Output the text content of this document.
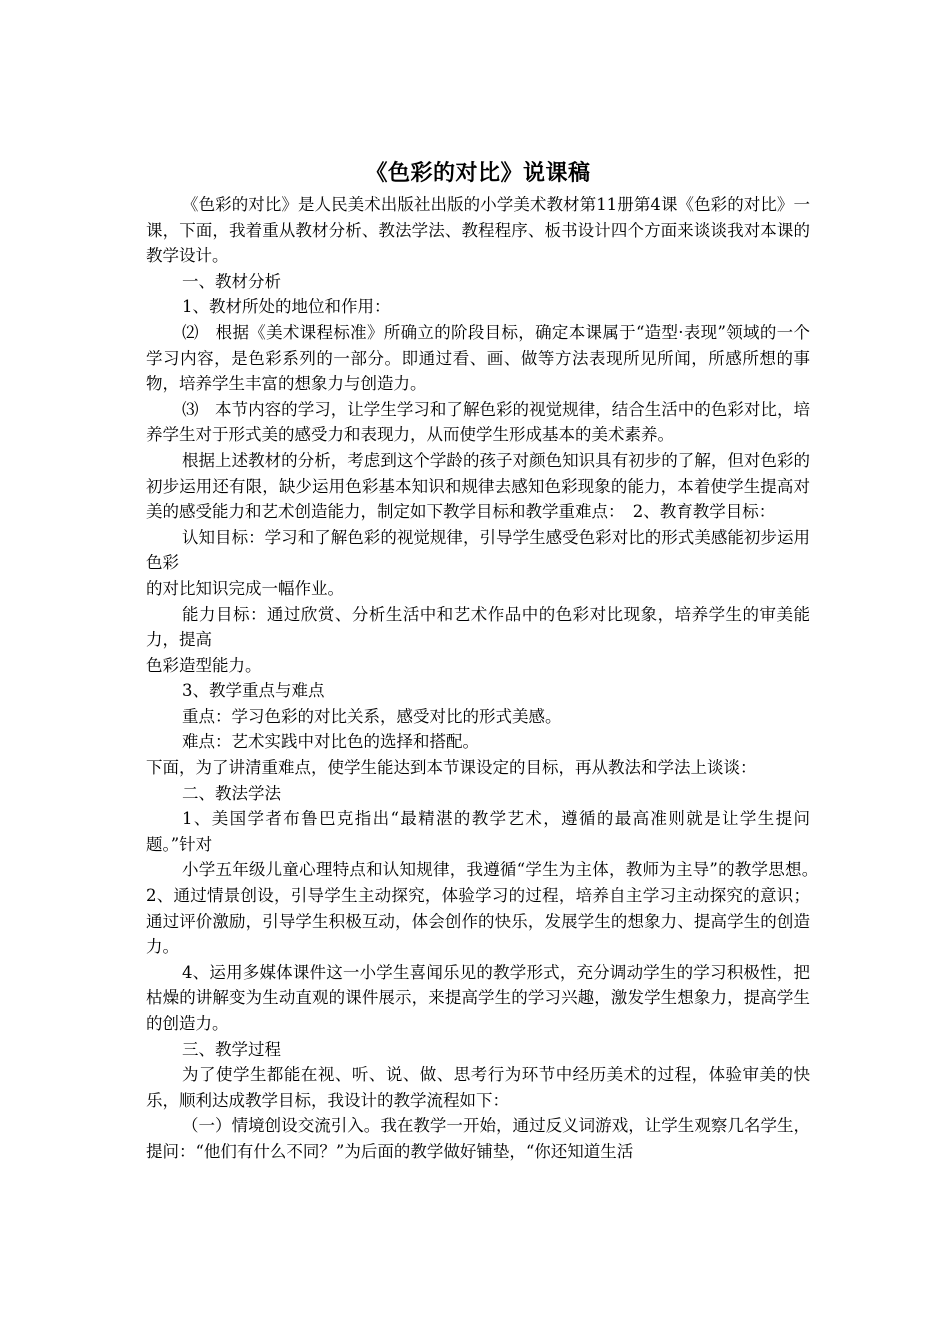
《色彩的对比》说课稿

《色彩的对比》是人民美术出版社出版的小学美术教材第11册第4课《色彩的对比》一课，下面，我着重从教材分析、教法学法、教程程序、板书设计四个方面来谈谈我对本课的教学设计。

一、教材分析

1、教材所处的地位和作用：

⑵　根据《美术课程标准》所确立的阶段目标，确定本课属于“造型·表现”领域的一个学习内容，是色彩系列的一部分。即通过看、画、做等方法表现所见所闻，所感所想的事物，培养学生丰富的想象力与创造力。

⑶　本节内容的学习，让学生学习和了解色彩的视觉规律，结合生活中的色彩对比，培养学生对于形式美的感受力和表现力，从而使学生形成基本的美术素养。

根据上述教材的分析，考虑到这个学龄的孩子对颜色知识具有初步的了解，但对色彩的初步运用还有限，缺少运用色彩基本知识和规律去感知色彩现象的能力，本着使学生提高对美的感受能力和艺术创造能力，制定如下教学目标和教学重难点：　2、教育教学目标：

认知目标：学习和了解色彩的视觉规律，引导学生感受色彩对比的形式美感能初步运用色彩

的对比知识完成一幅作业。

能力目标：通过欣赏、分析生活中和艺术作品中的色彩对比现象，培养学生的审美能力，提高

色彩造型能力。

3、教学重点与难点

重点：学习色彩的对比关系，感受对比的形式美感。

难点：艺术实践中对比色的选择和搭配。

下面，为了讲清重难点，使学生能达到本节课设定的目标，再从教法和学法上谈谈：

二、教法学法

1、美国学者布鲁巴克指出“最精湛的教学艺术，遵循的最高准则就是让学生提问题。”针对

小学五年级儿童心理特点和认知规律，我遵循“学生为主体，教师为主导”的教学思想。　2、通过情景创设，引导学生主动探究，体验学习的过程，培养自主学习主动探究的意识；通过评价激励，引导学生积极互动，体会创作的快乐，发展学生的想象力、提高学生的创造力。

4、运用多媒体课件这一小学生喜闻乐见的教学形式，充分调动学生的学习积极性，把枯燥的讲解变为生动直观的课件展示，来提高学生的学习兴趣，激发学生想象力，提高学生的创造力。

三、教学过程

为了使学生都能在视、听、说、做、思考行为环节中经历美术的过程，体验审美的快乐，顺利达成教学目标，我设计的教学流程如下：

（一）情境创设交流引入。我在教学一开始，通过反义词游戏，让学生观察几名学生，提问：“他们有什么不同？”为后面的教学做好铺垫，“你还知道生活
